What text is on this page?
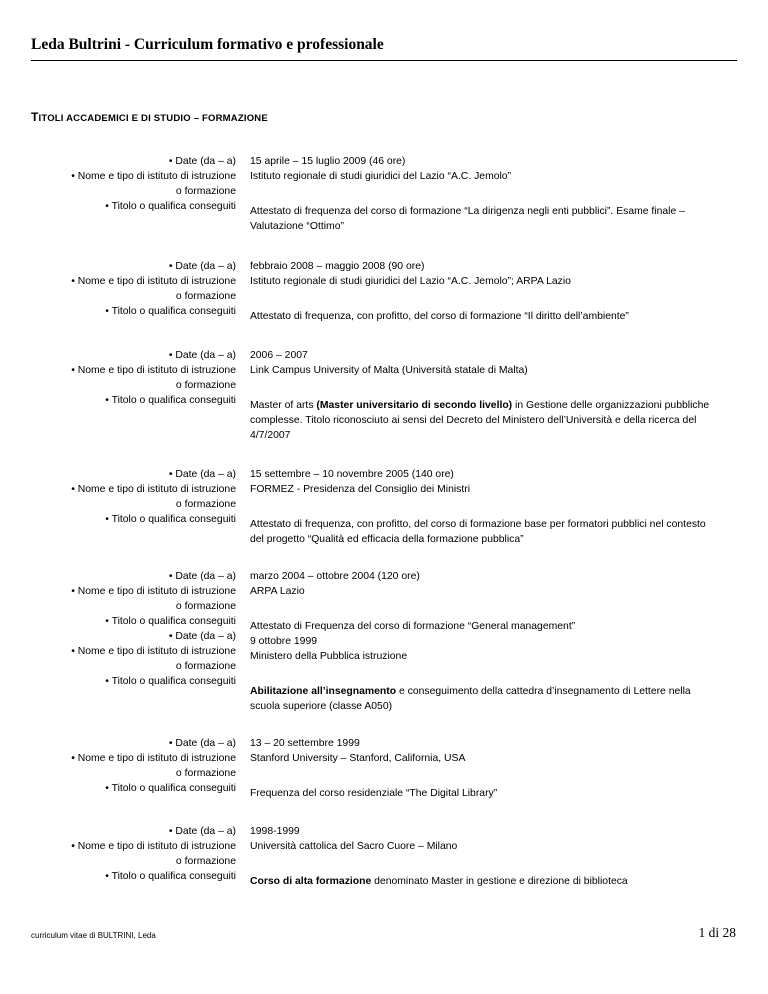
Leda Bultrini - Curriculum formativo e professionale
TITOLI ACCADEMICI E DI STUDIO – FORMAZIONE
• Date (da – a)
• Nome e tipo di istituto di istruzione
o formazione
• Titolo o qualifica conseguiti
15 aprile – 15 luglio 2009 (46 ore)
Istituto regionale di studi giuridici del Lazio “A.C. Jemolo”
Attestato di frequenza del corso di formazione “La dirigenza negli enti pubblici”. Esame finale – Valutazione “Ottimo”
• Date (da – a)
• Nome e tipo di istituto di istruzione
o formazione
• Titolo o qualifica conseguiti
febbraio 2008 – maggio 2008 (90 ore)
Istituto regionale di studi giuridici del Lazio “A.C. Jemolo”; ARPA Lazio
Attestato di frequenza, con profitto, del corso di formazione “Il diritto dell’ambiente”
• Date (da – a)
• Nome e tipo di istituto di istruzione
o formazione
• Titolo o qualifica conseguiti
2006 – 2007
Link Campus University of Malta (Università statale di Malta)
Master of arts (Master universitario di secondo livello) in Gestione delle organizzazioni pubbliche complesse. Titolo riconosciuto ai sensi del Decreto del Ministero dell’Università e della ricerca del 4/7/2007
• Date (da – a)
• Nome e tipo di istituto di istruzione
o formazione
• Titolo o qualifica conseguiti
15 settembre – 10 novembre 2005 (140 ore)
FORMEZ - Presidenza del Consiglio dei Ministri
Attestato di frequenza, con profitto, del corso di formazione base per formatori pubblici nel contesto del progetto “Qualità ed efficacia della formazione pubblica”
• Date (da – a)
• Nome e tipo di istituto di istruzione
o formazione
• Titolo o qualifica conseguiti
• Date (da – a)
• Nome e tipo di istituto di istruzione
o formazione
• Titolo o qualifica conseguiti
marzo 2004 – ottobre 2004 (120 ore)
ARPA Lazio
Attestato di Frequenza del corso di formazione “General management”
9 ottobre 1999
Ministero della Pubblica istruzione
Abilitazione all’insegnamento e conseguimento della cattedra d’insegnamento di Lettere nella scuola superiore (classe A050)
• Date (da – a)
• Nome e tipo di istituto di istruzione
o formazione
• Titolo o qualifica conseguiti
13 – 20 settembre 1999
Stanford University – Stanford, California, USA
Frequenza del corso residenziale “The Digital Library”
• Date (da – a)
• Nome e tipo di istituto di istruzione
o formazione
• Titolo o qualifica conseguiti
1998-1999
Università cattolica del Sacro Cuore – Milano
Corso di alta formazione denominato Master in gestione e direzione di biblioteca
curriculum vitae di BULTRINI, Leda	1 di 28
